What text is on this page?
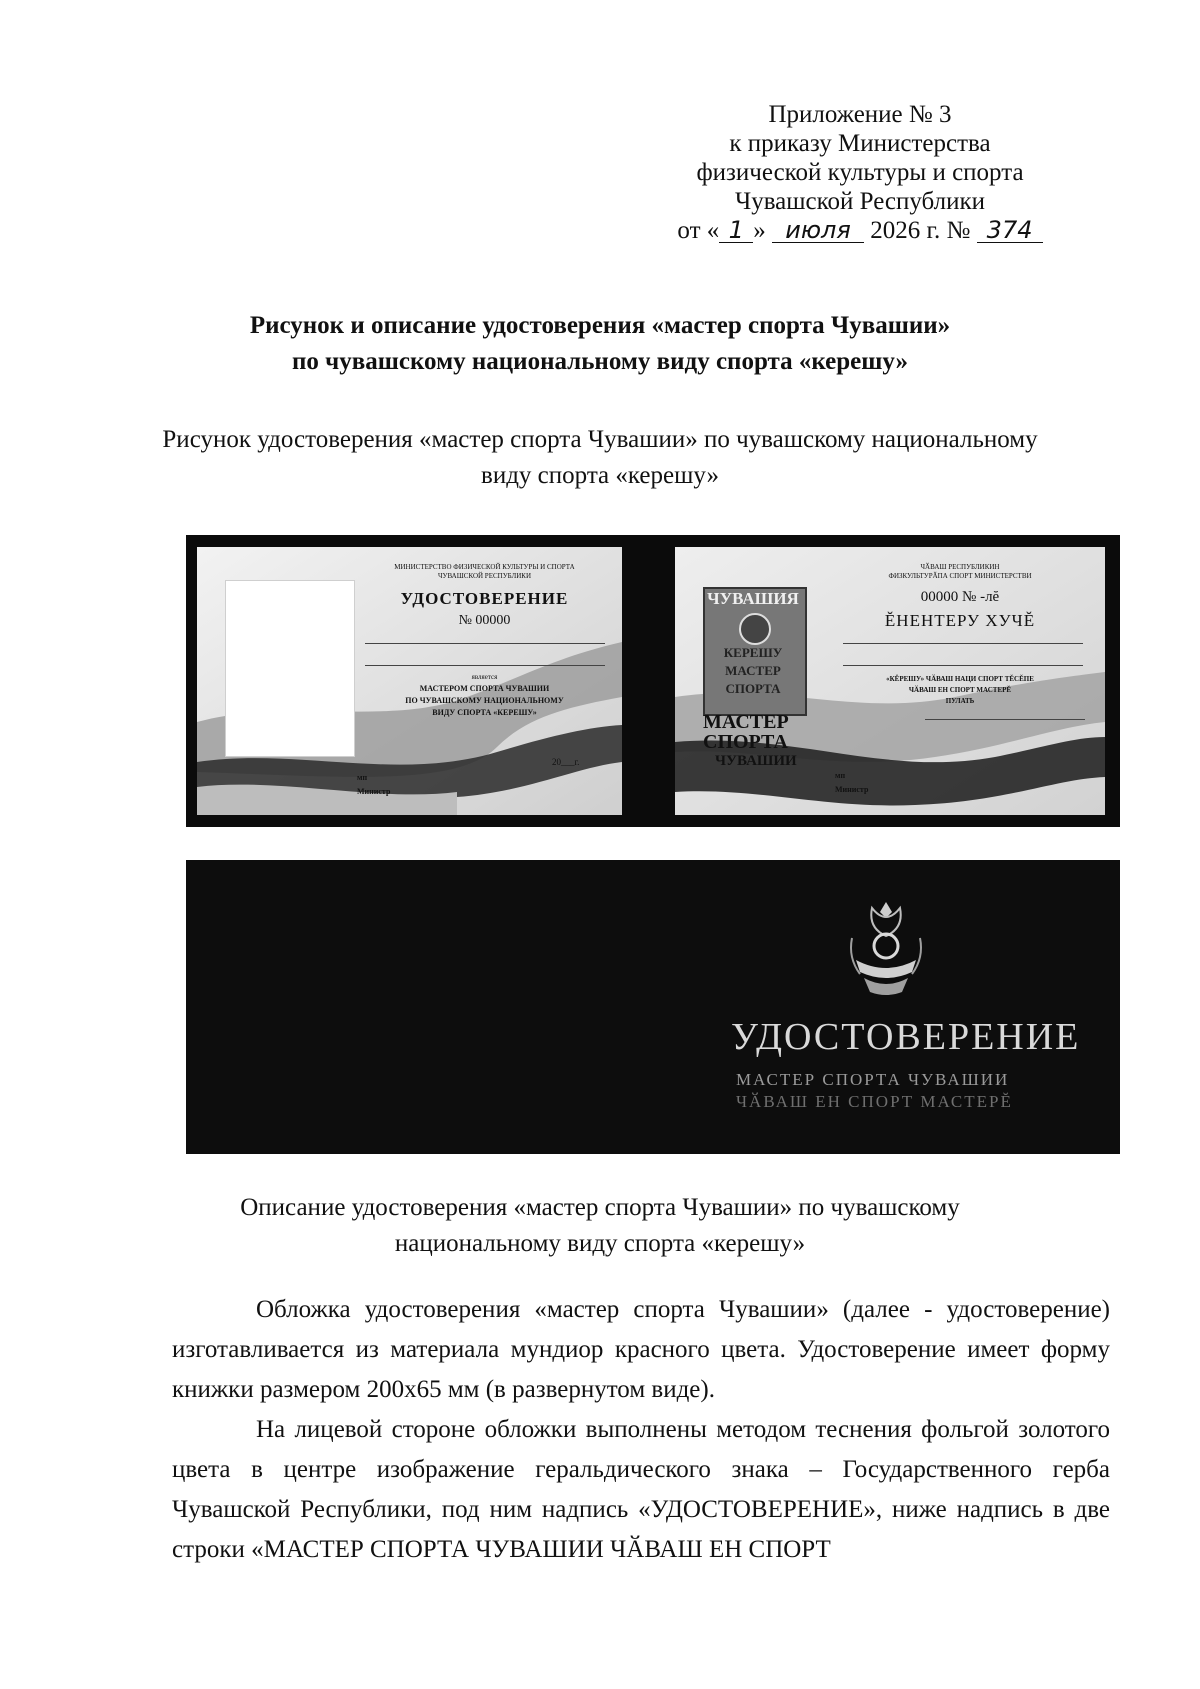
Приложение № 3
к приказу Министерства
физической культуры и спорта
Чувашской Республики
от « 1 » июля 2026 г. № 374
Рисунок и описание удостоверения «мастер спорта Чувашии»
по чувашскому национальному виду спорта «керешу»
Рисунок удостоверения «мастер спорта Чувашии» по чувашскому национальному
виду спорта «керешу»
МИНИСТЕРСТВО ФИЗИЧЕСКОЙ КУЛЬТУРЫ И СПОРТА
ЧУВАШСКОЙ РЕСПУБЛИКИ
УДОСТОВЕРЕНИЕ
№ 00000
является
МАСТЕРОМ СПОРТА ЧУВАШИИ
ПО ЧУВАШСКОМУ НАЦИОНАЛЬНОМУ
ВИДУ СПОРТА «КЕРЕШУ»
20___г.
мп
Министр
ЧУВАШИЯ
КЕРЕШУ
МАСТЕР
СПОРТА
МАСТЕР
СПОРТА
ЧУВАШИИ
ЧӐВАШ РЕСПУБЛИКИН
ФИЗКУЛЬТУРӐПА СПОРТ МИНИСТЕРСТВИ
00000 № -лĕ
ĔНЕНТЕРУ ХУЧĔ
«КĔРЕШУ» ЧӐВАШ НАЦИ СПОРТ ТĔСĔПЕ
ЧӐВАШ ЕН СПОРТ МАСТЕРĔ
ПУЛАТЬ
мп
Министр
УДОСТОВЕРЕНИЕ
МАСТЕР СПОРТА ЧУВАШИИ
ЧӐВАШ ЕН СПОРТ МАСТЕРĔ
Описание удостоверения «мастер спорта Чувашии» по чувашскому
национальному виду спорта «керешу»

Обложка удостоверения «мастер спорта Чувашии» (далее - удостоверение) изготавливается из материала мундиор красного цвета. Удостоверение имеет форму книжки размером 200х65 мм (в развернутом виде).

На лицевой стороне обложки выполнены методом теснения фольгой золотого цвета в центре изображение геральдического знака – Государственного герба Чувашской Республики, под ним надпись «УДОСТОВЕРЕНИЕ», ниже надпись в две строки «МАСТЕР СПОРТА ЧУВАШИИ ЧӐВАШ ЕН СПОРТ
